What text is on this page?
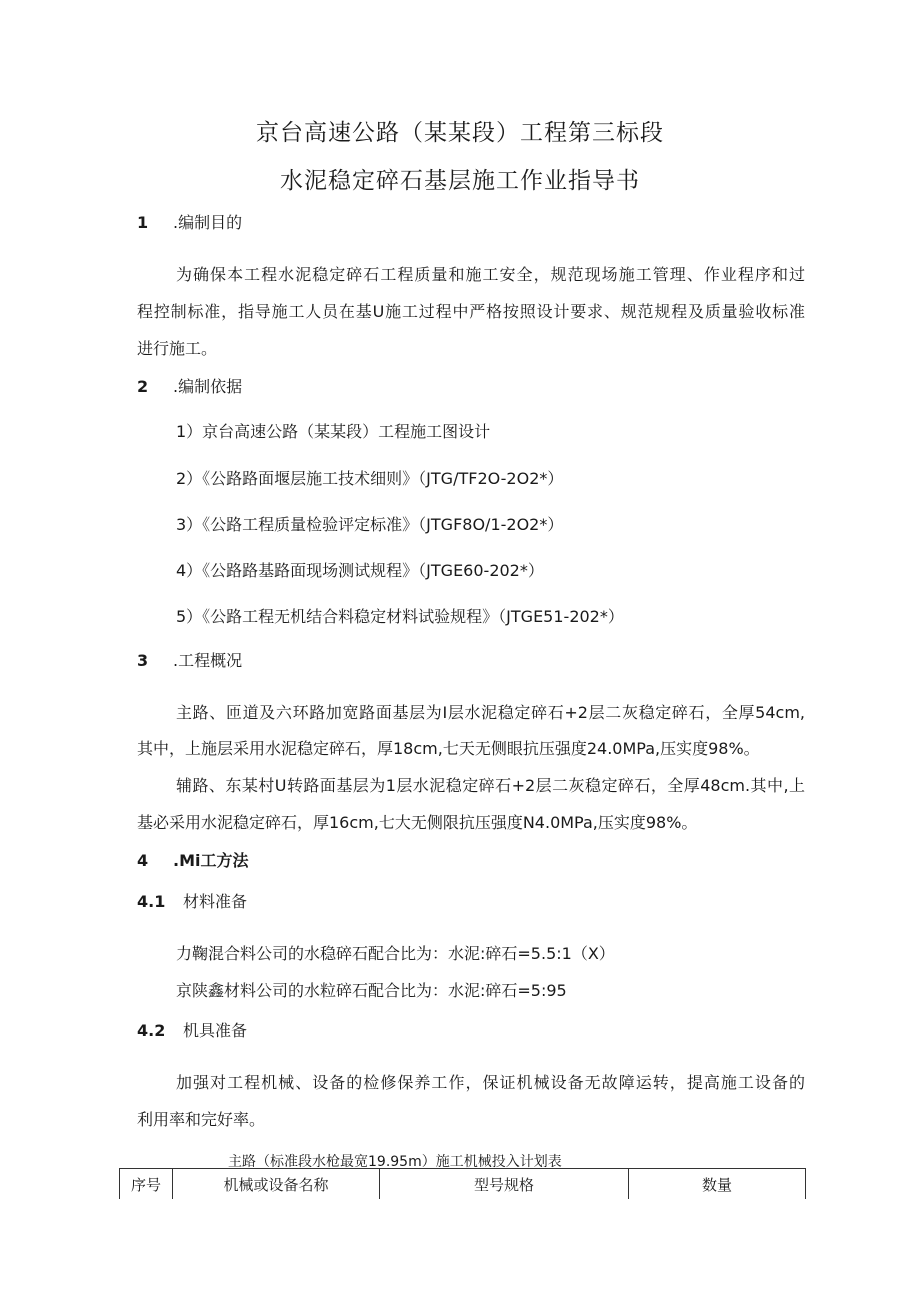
京台高速公路（某某段）工程第三标段
水泥稳定碎石基层施工作业指导书
1 .编制目的
为确保本工程水泥稳定碎石工程质量和施工安全，规范现场施工管理、作业程序和过
程控制标准，指导施工人员在基U施工过程中严格按照设计要求、规范规程及质量验收标准
进行施工。
2 .编制依据
1）京台高速公路（某某段）工程施工图设计
2）《公路路面堰层施工技术细则》（JTG/TF2O-2O2*）
3）《公路工程质量检验评定标准》（JTGF8O∕1-2O2*）
4）《公路路基路面现场测试规程》（JTGE60-202*）
5）《公路工程无机结合料稳定材料试验规程》（JTGE51-202*）
3 .工程概况
主路、匝道及六环路加宽路面基层为I层水泥稳定碎石+2层二灰稳定碎石，全厚54cm,
其中，上施层采用水泥稳定碎石，厚18cm,七天无侧眼抗压强度24.0MPa,压实度98%。
辅路、东某村U转路面基层为1层水泥稳定碎石+2层二灰稳定碎石，全厚48cm.其中,上
基必采用水泥稳定碎石，厚16cm,七大无侧限抗压强度N4.0MPa,压实度98%。
4 .Mi工方法
4.1 材料准备
力鞠混合料公司的水稳碎石配合比为：水泥:碎石=5.5:1（X）
京陕鑫材料公司的水粒碎石配合比为：水泥:碎石=5:95
4.2 机具准备
加强对工程机械、设备的检修保养工作，保证机械设备无故障运转，提高施工设备的
利用率和完好率。
主路（标准段水枪最宽19.95m）施工机械投入计划表
序号	机械或设备名称	型号规格	数量
